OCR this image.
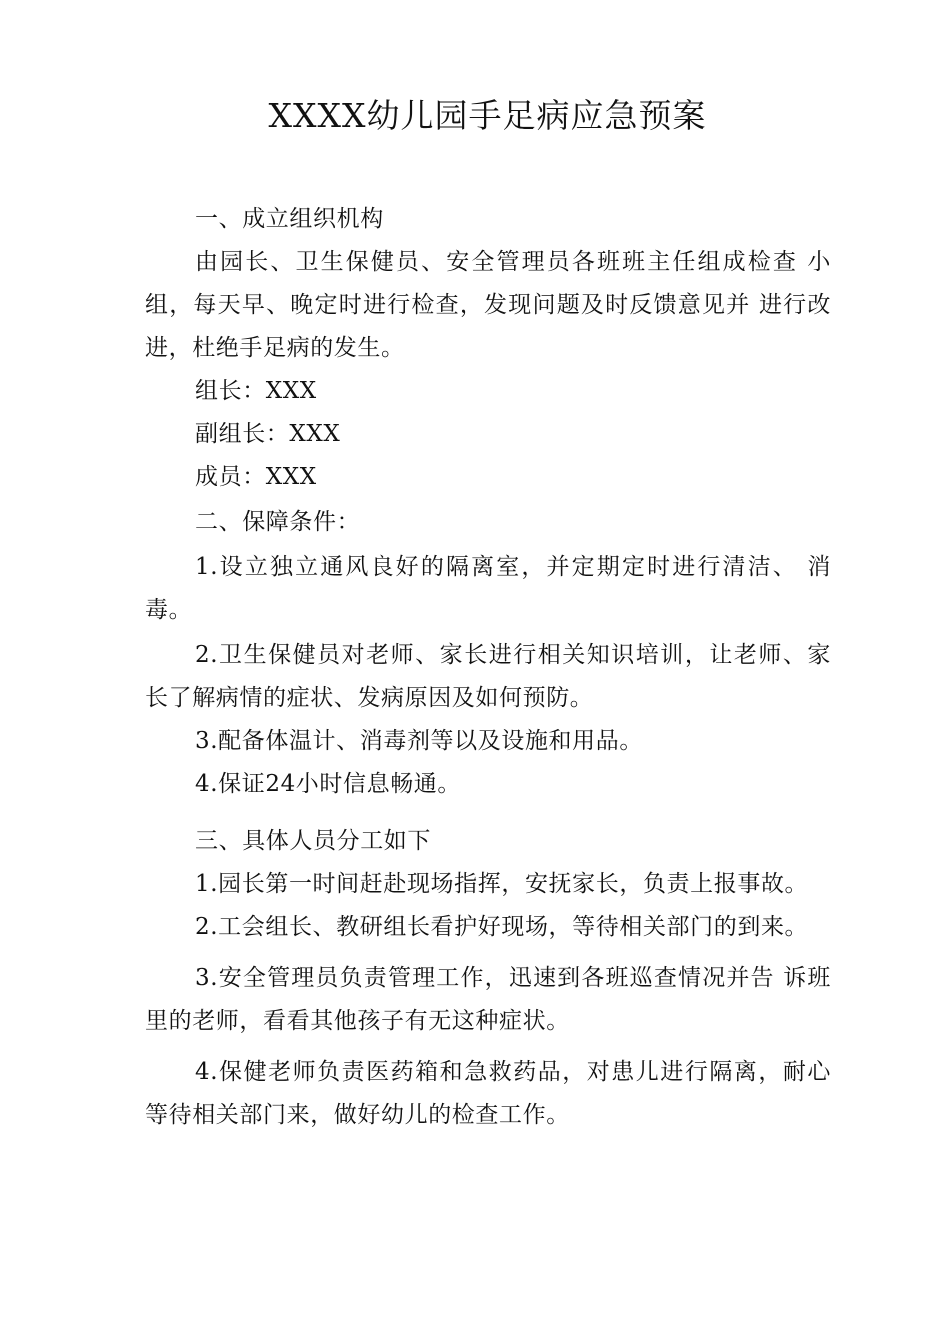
XXXX幼儿园手足病应急预案

一、成立组织机构

由园长、卫生保健员、安全管理员各班班主任组成检查 小组，每天早、晚定时进行检查，发现问题及时反馈意见并 进行改进，杜绝手足病的发生。

组长：XXX

副组长：XXX

成员：XXX

二、保障条件：

1.设立独立通风良好的隔离室，并定期定时进行清洁、 消毒。

2.卫生保健员对老师、家长进行相关知识培训，让老师、家长了解病情的症状、发病原因及如何预防。

3.配备体温计、消毒剂等以及设施和用品。

4.保证24小时信息畅通。

三、具体人员分工如下

1.园长第一时间赶赴现场指挥，安抚家长，负责上报事故。

2.工会组长、教研组长看护好现场，等待相关部门的到来。

3.安全管理员负责管理工作，迅速到各班巡查情况并告 诉班里的老师，看看其他孩子有无这种症状。

4.保健老师负责医药箱和急救药品，对患儿进行隔离，耐心等待相关部门来，做好幼儿的检查工作。
